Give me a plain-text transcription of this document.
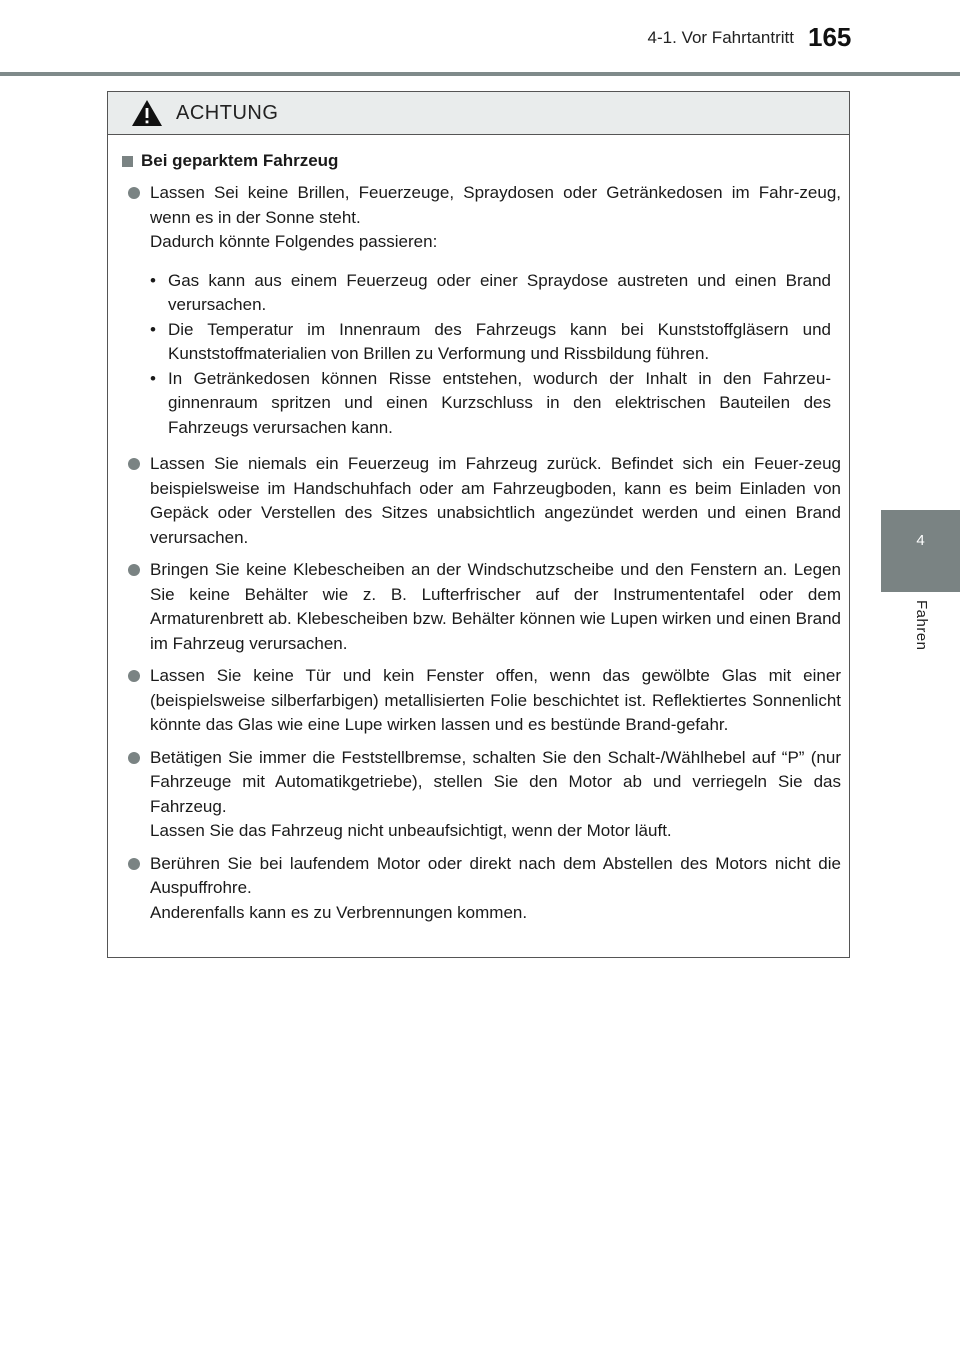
4-1. Vor Fahrtantritt 165
4
Fahren
ACHTUNG
Bei geparktem Fahrzeug

Lassen Sei keine Brillen, Feuerzeuge, Spraydosen oder Getränkedosen im Fahr-zeug, wenn es in der Sonne steht.

Dadurch könnte Folgendes passieren:

• Gas kann aus einem Feuerzeug oder einer Spraydose austreten und einen Brand verursachen.
• Die Temperatur im Innenraum des Fahrzeugs kann bei Kunststoffgläsern und Kunststoffmaterialien von Brillen zu Verformung und Rissbildung führen.
• In Getränkedosen können Risse entstehen, wodurch der Inhalt in den Fahrzeu-ginnenraum spritzen und einen Kurzschluss in den elektrischen Bauteilen des Fahrzeugs verursachen kann.

Lassen Sie niemals ein Feuerzeug im Fahrzeug zurück. Befindet sich ein Feuer-zeug beispielsweise im Handschuhfach oder am Fahrzeugboden, kann es beim Einladen von Gepäck oder Verstellen des Sitzes unabsichtlich angezündet werden und einen Brand verursachen.

Bringen Sie keine Klebescheiben an der Windschutzscheibe und den Fenstern an. Legen Sie keine Behälter wie z. B. Lufterfrischer auf der Instrumententafel oder dem Armaturenbrett ab. Klebescheiben bzw. Behälter können wie Lupen wirken und einen Brand im Fahrzeug verursachen.

Lassen Sie keine Tür und kein Fenster offen, wenn das gewölbte Glas mit einer (beispielsweise silberfarbigen) metallisierten Folie beschichtet ist. Reflektiertes Sonnenlicht könnte das Glas wie eine Lupe wirken lassen und es bestünde Brand-gefahr.

Betätigen Sie immer die Feststellbremse, schalten Sie den Schalt-/Wählhebel auf “P” (nur Fahrzeuge mit Automatikgetriebe), stellen Sie den Motor ab und verriegeln Sie das Fahrzeug.

Lassen Sie das Fahrzeug nicht unbeaufsichtigt, wenn der Motor läuft.

Berühren Sie bei laufendem Motor oder direkt nach dem Abstellen des Motors nicht die Auspuffrohre.

Anderenfalls kann es zu Verbrennungen kommen.
